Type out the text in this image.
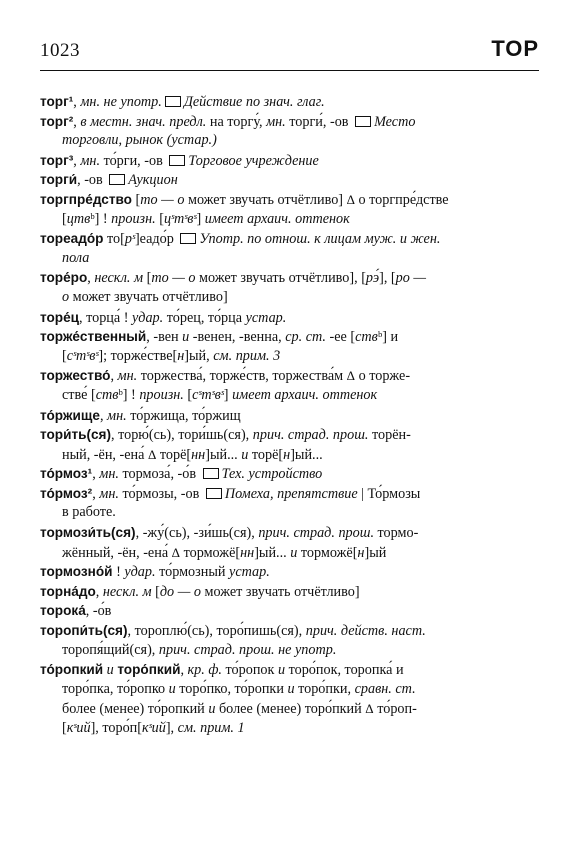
1023	ТОР
торг¹, мн. не употр. Действие по знач. глаг.
торг², в местн. знач. предл. на торгу́, мн. торги́, -ов Место
торговли, рынок (устар.)
торг³, мн. то́рги, -ов Торговое учреждение
торги́, -ов Аукцион
торгпре́дство [то — о может звучать отчётливо] Δ о торгпре́дстве
[цтвᵇ] ! произн. [цˢтˢвˢ] имеет архаич. оттенок
тореадо́р то[рˢ]еадо́р Употр. по отнош. к лицам муж. и жен.
пола
торе́ро, нескл. м [то — о может звучать отчётливо], [рэ́], [ро —
о может звучать отчётливо]
торе́ц, торца́ ! удар. то́рец, то́рца устар.
торже́ственный, -вен и -венен, -венна, ср. ст. -ее [ствᵇ] и
[сˢтˢвˢ]; торже́стве[н]ый, см. прим. 3
торжество́, мн. торжества́, торже́ств, торжества́м Δ о торже-
стве́ [ствᵇ] ! произн. [сˢтˢвˢ] имеет архаич. оттенок
то́ржище, мн. то́ржища, то́ржищ
тори́ть(ся), торю́(сь), тори́шь(ся), прич. страд. прош. торён-
ный, -ён, -ена́ Δ торё[нн]ый... и торё[н]ый...
то́рмоз¹, мн. тормоза́, -о́в Тех. устройство
то́рмоз², мн. то́рмозы, -ов Помеха, препятствие | То́рмозы
в работе.
тормози́ть(ся), -жу́(сь), -зи́шь(ся), прич. страд. прош. тормо-
жённый, -ён, -ена́ Δ торможё[нн]ый... и торможё[н]ый
тормозно́й ! удар. то́рмозный устар.
торна́до, нескл. м [до — о может звучать отчётливо]
торока́, -о́в
торопи́ть(ся), тороплю́(сь), торо́пишь(ся), прич. действ. наст.
торопя́щий(ся), прич. страд. прош. не употр.
то́ропкий и торо́пкий, кр. ф. то́ропок и торо́пок, торопка́ и
торо́пка, то́ропко и торо́пко, то́ропки и торо́пки, сравн. ст.
более (менее) то́ропкий и более (менее) торо́пкий Δ то́роп-
[кˢий], торо́п[кˢий], см. прим. 1
